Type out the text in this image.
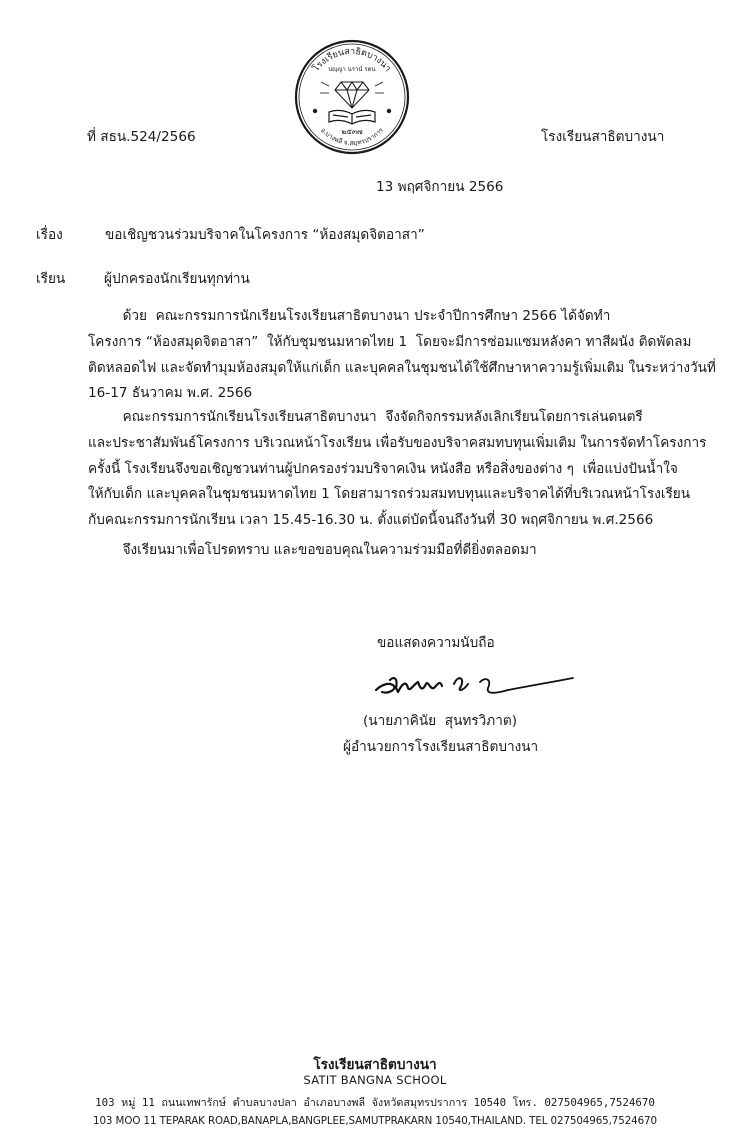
โรงเรียนสาธิตบางนา
อ.บางพลี จ.สมุทรปราการ
ปญฺญา นรานํ รตน
๒๕๓๗
ที่ สธน.524/2566	โรงเรียนสาธิตบางนา
13 พฤศจิกายน 2566
เรื่อง	ขอเชิญชวนร่วมบริจาคในโครงการ “ห้องสมุดจิตอาสา”
เรียน	ผู้ปกครองนักเรียนทุกท่าน

ด้วย  คณะกรรมการนักเรียนโรงเรียนสาธิตบางนา ประจำปีการศึกษา 2566 ได้จัดทำ

โครงการ “ห้องสมุดจิตอาสา”  ให้กับชุมชนมหาดไทย 1  โดยจะมีการซ่อมแซมหลังคา ทาสีผนัง ติดพัดลม

ติดหลอดไฟ และจัดทำมุมห้องสมุดให้แก่เด็ก และบุคคลในชุมชนได้ใช้ศึกษาหาความรู้เพิ่มเติม ในระหว่างวันที่

16-17 ธันวาคม พ.ศ. 2566

คณะกรรมการนักเรียนโรงเรียนสาธิตบางนา  จึงจัดกิจกรรมหลังเลิกเรียนโดยการเล่นดนตรี

และประชาสัมพันธ์โครงการ บริเวณหน้าโรงเรียน เพื่อรับของบริจาคสมทบทุนเพิ่มเติม ในการจัดทำโครงการ

ครั้งนี้ โรงเรียนจึงขอเชิญชวนท่านผู้ปกครองร่วมบริจาคเงิน หนังสือ หรือสิ่งของต่าง ๆ  เพื่อแบ่งปันน้ำใจ

ให้กับเด็ก และบุคคลในชุมชนมหาดไทย 1 โดยสามารถร่วมสมทบทุนและบริจาคได้ที่บริเวณหน้าโรงเรียน

กับคณะกรรมการนักเรียน เวลา 15.45-16.30 น. ตั้งแต่บัดนี้จนถึงวันที่ 30 พฤศจิกายน พ.ศ.2566

จึงเรียนมาเพื่อโปรดทราบ และขอขอบคุณในความร่วมมือที่ดียิ่งตลอดมา

ขอแสดงความนับถือ
(นายภาคินัย  สุนทรวิภาต)
ผู้อำนวยการโรงเรียนสาธิตบางนา
โรงเรียนสาธิตบางนา
SATIT BANGNA SCHOOL
103 หมู่ 11 ถนนเทพารักษ์ ตำบลบางปลา อำเภอบางพลี จังหวัดสมุทรปราการ 10540 โทร. 027504965,7524670
103 MOO 11 TEPARAK ROAD,BANAPLA,BANGPLEE,SAMUTPRAKARN 10540,THAILAND. TEL 027504965,7524670
